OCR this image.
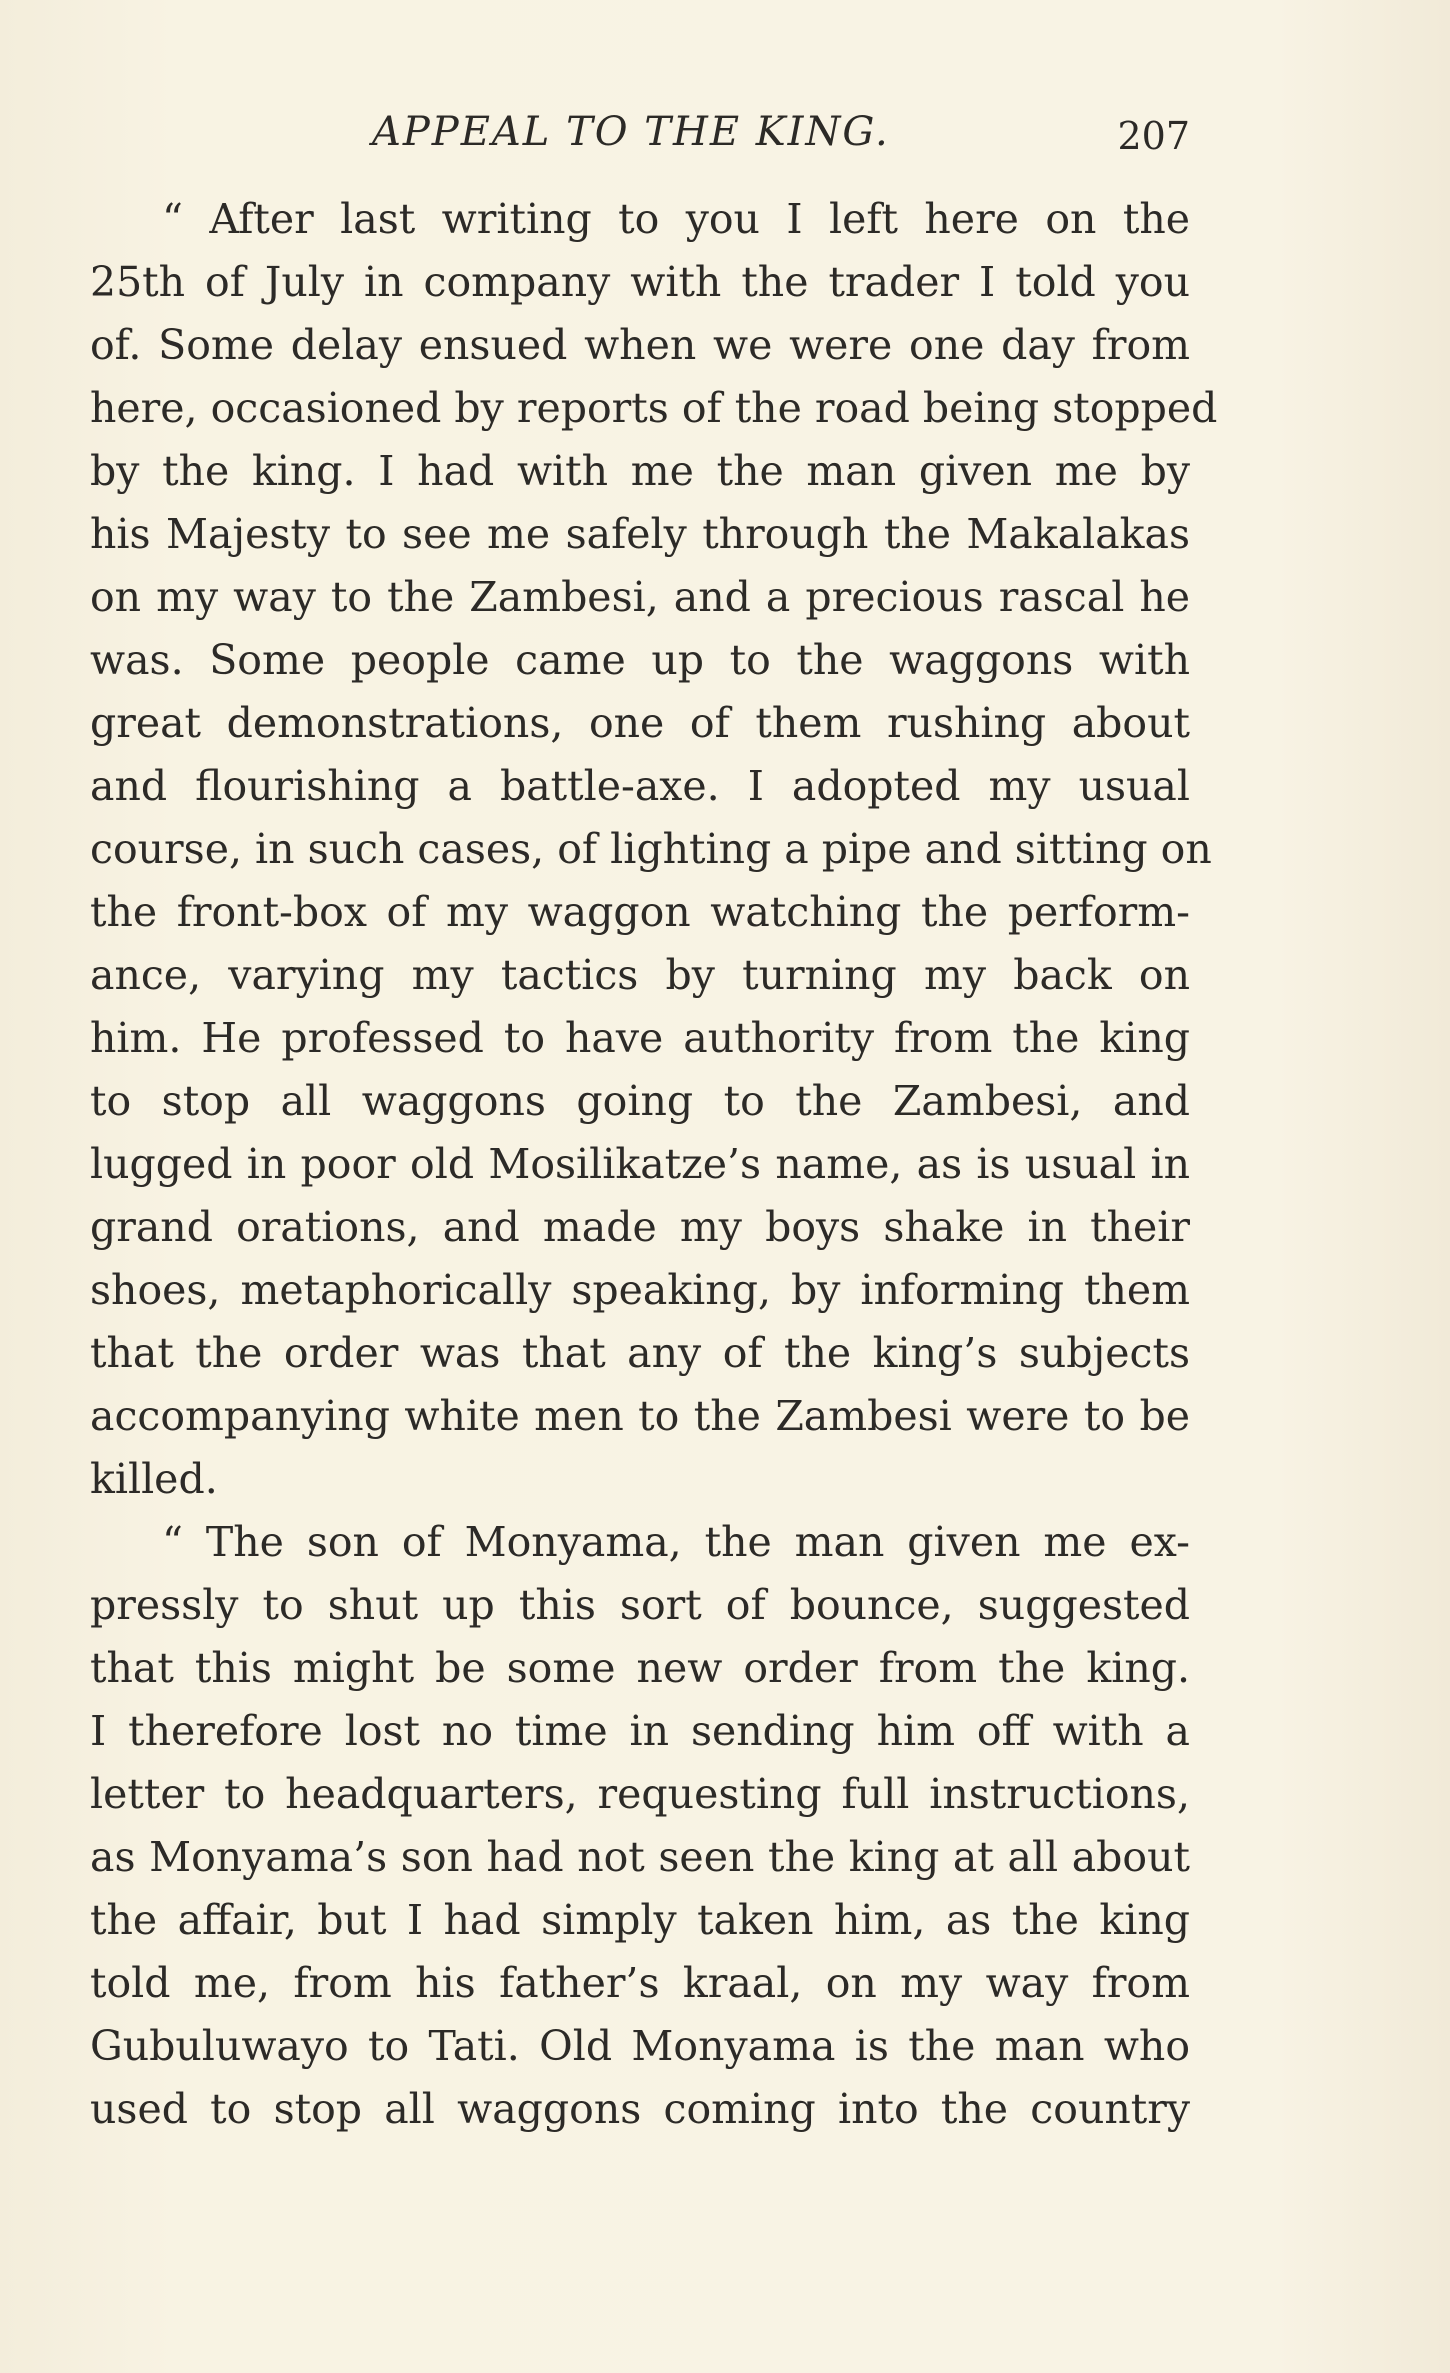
APPEAL TO THE KING.	207
“ After last writing to you I left here on the
25th of July in company with the trader I told you
of. Some delay ensued when we were one day from
here, occasioned by reports of the road being stopped
by the king. I had with me the man given me by
his Majesty to see me safely through the Makalakas
on my way to the Zambesi, and a precious rascal he
was. Some people came up to the waggons with
great demonstrations, one of them rushing about
and flourishing a battle-axe. I adopted my usual
course, in such cases, of lighting a pipe and sitting on
the front-box of my waggon watching the perform-
ance, varying my tactics by turning my back on
him. He professed to have authority from the king
to stop all waggons going to the Zambesi, and
lugged in poor old Mosilikatze’s name, as is usual in
grand orations, and made my boys shake in their
shoes, metaphorically speaking, by informing them
that the order was that any of the king’s subjects
accompanying white men to the Zambesi were to be
killed.
“ The son of Monyama, the man given me ex-
pressly to shut up this sort of bounce, suggested
that this might be some new order from the king.
I therefore lost no time in sending him off with a
letter to headquarters, requesting full instructions,
as Monyama’s son had not seen the king at all about
the affair, but I had simply taken him, as the king
told me, from his father’s kraal, on my way from
Gubuluwayo to Tati. Old Monyama is the man who
used to stop all waggons coming into the country
